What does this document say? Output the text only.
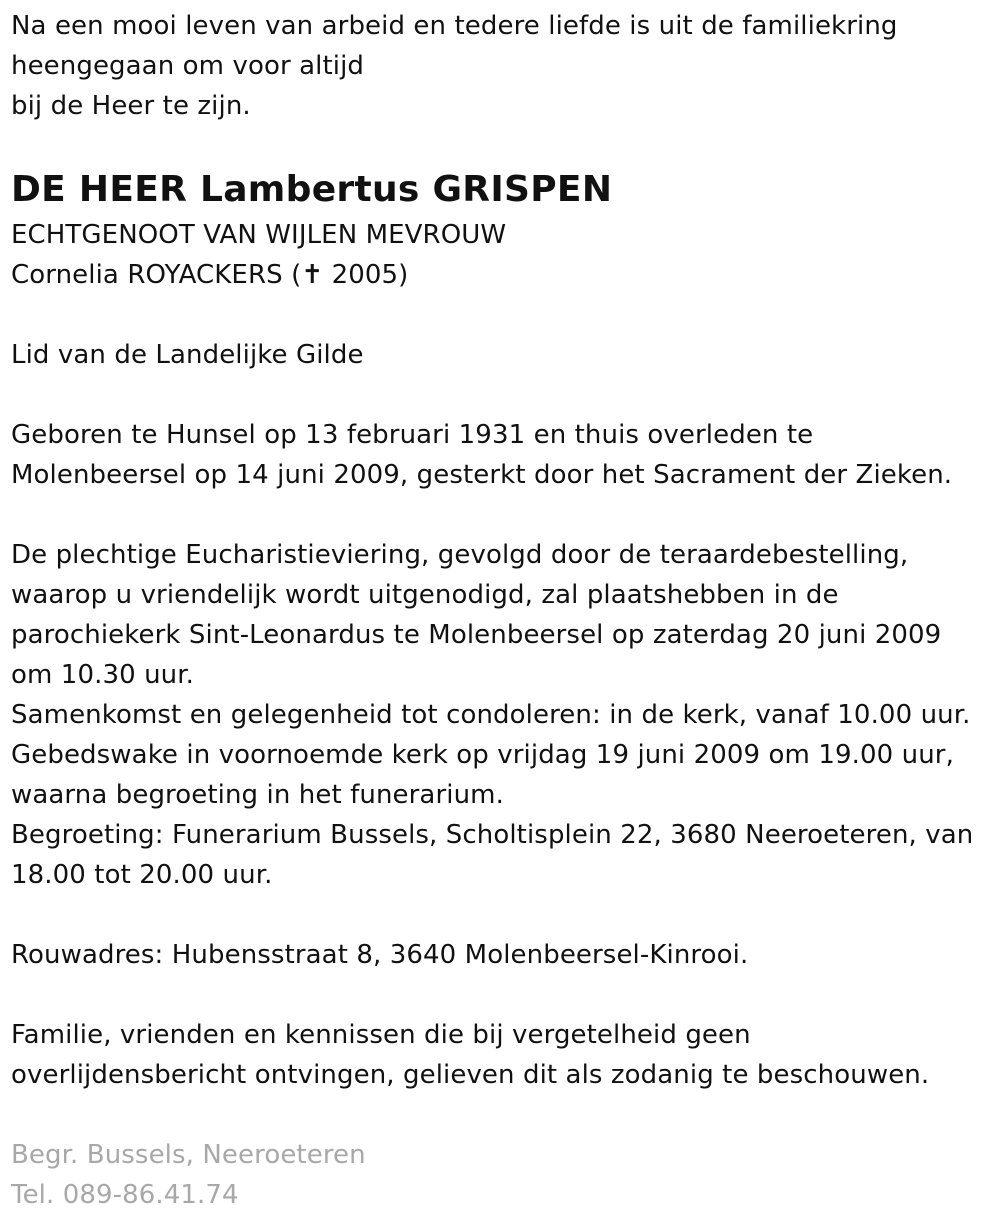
Na een mooi leven van arbeid en tedere liefde is uit de familiekring
heengegaan om voor altijd
bij de Heer te zijn.
DE HEER Lambertus GRISPEN
ECHTGENOOT VAN WIJLEN MEVROUW
Cornelia ROYACKERS (✝ 2005)
Lid van de Landelijke Gilde
Geboren te Hunsel op 13 februari 1931 en thuis overleden te
Molenbeersel op 14 juni 2009, gesterkt door het Sacrament der Zieken.
De plechtige Eucharistieviering, gevolgd door de teraardebestelling,
waarop u vriendelijk wordt uitgenodigd, zal plaatshebben in de
parochiekerk Sint-Leonardus te Molenbeersel op zaterdag 20 juni 2009
om 10.30 uur.
Samenkomst en gelegenheid tot condoleren: in de kerk, vanaf 10.00 uur.
Gebedswake in voornoemde kerk op vrijdag 19 juni 2009 om 19.00 uur,
waarna begroeting in het funerarium.
Begroeting: Funerarium Bussels, Scholtisplein 22, 3680 Neeroeteren, van
18.00 tot 20.00 uur.
Rouwadres: Hubensstraat 8, 3640 Molenbeersel-Kinrooi.
Familie, vrienden en kennissen die bij vergetelheid geen
overlijdensbericht ontvingen, gelieven dit als zodanig te beschouwen.
Begr. Bussels, Neeroeteren
Tel. 089-86.41.74
